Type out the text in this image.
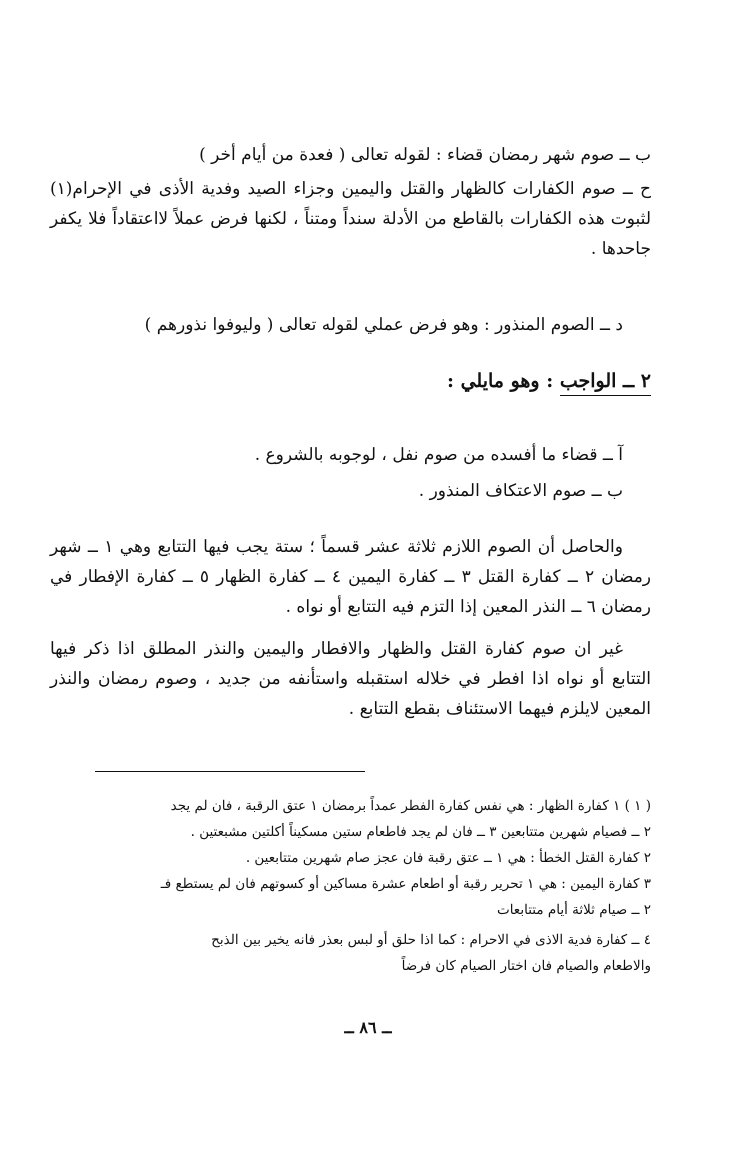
ب ــ صوم شهر رمضان قضاء : لقوله تعالى ( فعدة من أيام أخر )

ح ــ صوم الكفارات كالظهار والقتل واليمين وجزاء الصيد وفدية الأذى في الإحرام(١) لثبوت هذه الكفارات بالقاطع من الأدلة سنداً ومتناً ، لكنها فرض عملاً لااعتقاداً فلا يكفر جاحدها .

د ــ الصوم المنذور : وهو فرض عملي لقوله تعالى ( وليوفوا نذورهم )

٢ ــ الواجب : وهو مايلي :

آ ــ قضاء ما أفسده من صوم نفل ، لوجوبه بالشروع .

ب ــ صوم الاعتكاف المنذور .

والحاصل أن الصوم اللازم ثلاثة عشر قسماً ؛ ستة يجب فيها التتابع وهي ١ ــ شهر رمضان ٢ ــ كفارة القتل ٣ ــ كفارة اليمين ٤ ــ كفارة الظهار ٥ ــ كفارة الإفطار في رمضان ٦ ــ النذر المعين إذا التزم فيه التتابع أو نواه .

غير ان صوم كفارة القتل والظهار والافطار واليمين والنذر المطلق اذا ذكر فيها التتابع أو نواه اذا افطر في خلاله استقبله واستأنفه من جديد ، وصوم رمضان والنذر المعين لايلزم فيهما الاستئناف بقطع التتابع .

( ١ ) ١ كفارة الظهار : هي نفس كفارة الفطر عمداً برمضان ١ عتق الرقبة ، فان لم يجد

٢ ــ فصيام شهرين متتابعين ٣ ــ فان لم يجد فاطعام ستين مسكيناً أكلتين مشبعتين .

٢ كفارة القتل الخطأ : هي ١ ــ عتق رقبة فان عجز صام شهرين متتابعين .

٣ كفارة اليمين : هي ١ تحرير رقبة أو اطعام عشرة مساكين أو كسوتهم فان لم يستطع فـ

٢ ــ صيام ثلاثة أيام متتابعات

٤ ــ كفارة فدية الاذى في الاحرام : كما اذا حلق أو لبس بعذر فانه يخير بين الذبح

والاطعام والصيام فان اختار الصيام كان فرضاً

ــ ٨٦ ــ
